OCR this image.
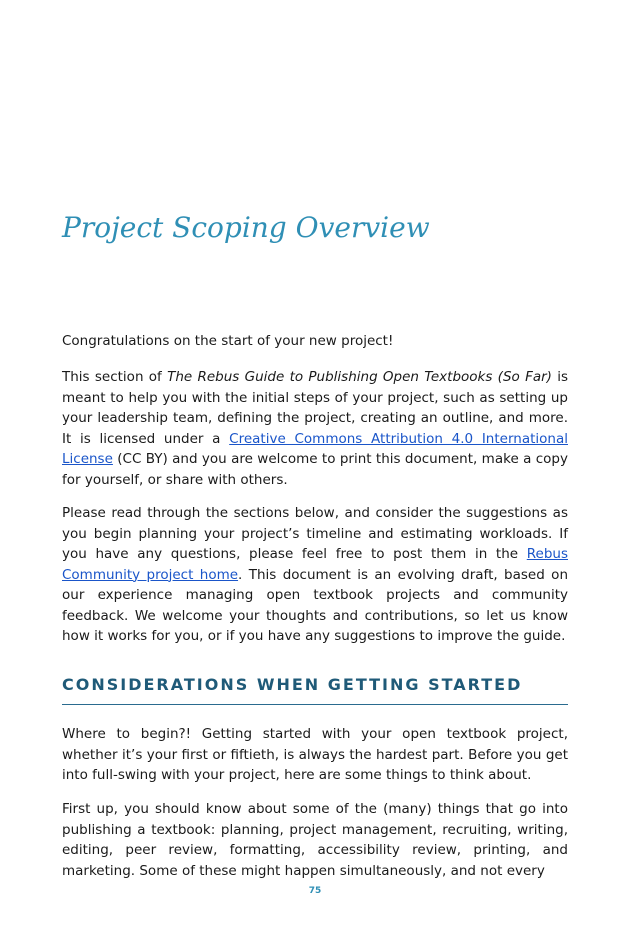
Project Scoping Overview

Congratulations on the start of your new project!

This section of The Rebus Guide to Publishing Open Textbooks (So Far) is meant to help you with the initial steps of your project, such as setting up your leadership team, defining the project, creating an outline, and more. It is licensed under a Creative Commons Attribution 4.0 International License (CC BY) and you are welcome to print this document, make a copy for yourself, or share with others.

Please read through the sections below, and consider the suggestions as you begin planning your project’s timeline and estimating workloads. If you have any questions, please feel free to post them in the Rebus Community project home. This document is an evolving draft, based on our experience managing open textbook projects and community feedback. We welcome your thoughts and contributions, so let us know how it works for you, or if you have any suggestions to improve the guide.

CONSIDERATIONS WHEN GETTING STARTED

Where to begin?! Getting started with your open textbook project, whether it’s your first or fiftieth, is always the hardest part. Before you get into full-swing with your project, here are some things to think about.

First up, you should know about some of the (many) things that go into publishing a textbook: planning, project management, recruiting, writing, editing, peer review, formatting, accessibility review, printing, and marketing. Some of these might happen simultaneously, and not every

75
